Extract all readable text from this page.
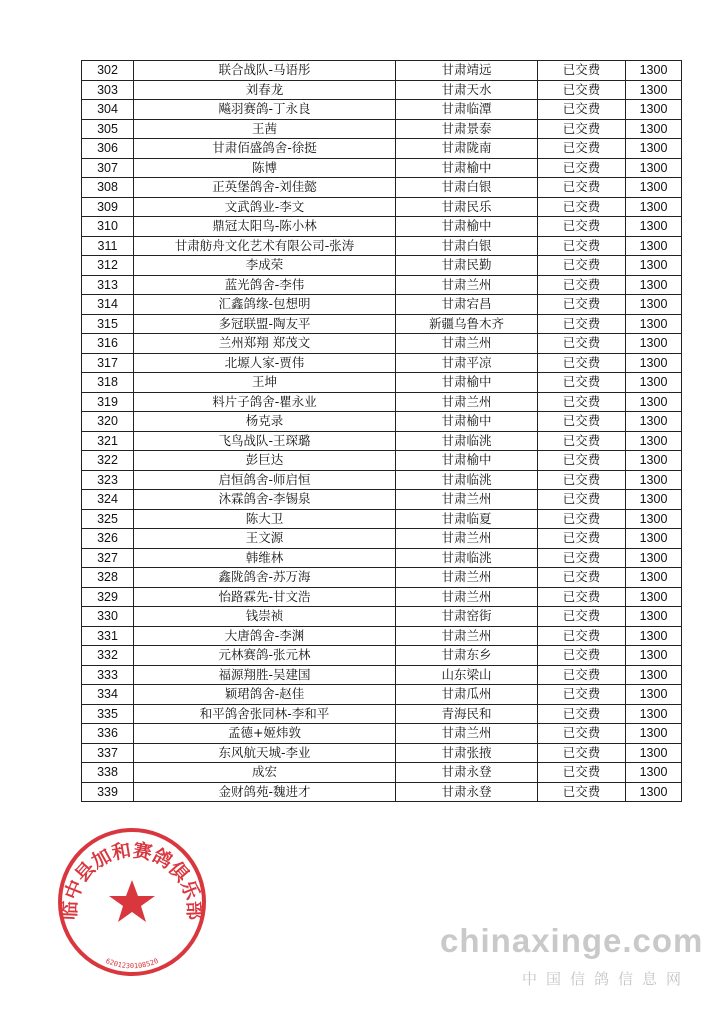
302	联合战队-马语彤	甘肃靖远	已交费	1300
303	刘春龙	甘肃天水	已交费	1300
304	飚羽赛鸽-丁永良	甘肃临潭	已交费	1300
305	王茜	甘肃景泰	已交费	1300
306	甘肃佰盛鸽舍-徐挺	甘肃陇南	已交费	1300
307	陈博	甘肃榆中	已交费	1300
308	正英堡鸽舍-刘佳懿	甘肃白银	已交费	1300
309	文武鸽业-李文	甘肃民乐	已交费	1300
310	鼎冠太阳鸟-陈小林	甘肃榆中	已交费	1300
311	甘肃舫舟文化艺术有限公司-张涛	甘肃白银	已交费	1300
312	李成荣	甘肃民勤	已交费	1300
313	蓝光鸽舍-李伟	甘肃兰州	已交费	1300
314	汇鑫鸽缘-包想明	甘肃宕昌	已交费	1300
315	多冠联盟-陶友平	新疆乌鲁木齐	已交费	1300
316	兰州郑翔 郑茂文	甘肃兰州	已交费	1300
317	北塬人家-贾伟	甘肃平凉	已交费	1300
318	王坤	甘肃榆中	已交费	1300
319	料片子鸽舍-瞿永业	甘肃兰州	已交费	1300
320	杨克录	甘肃榆中	已交费	1300
321	飞鸟战队-王琛璐	甘肃临洮	已交费	1300
322	彭巨达	甘肃榆中	已交费	1300
323	启恒鸽舍-师启恒	甘肃临洮	已交费	1300
324	沐霖鸽舍-李锡泉	甘肃兰州	已交费	1300
325	陈大卫	甘肃临夏	已交费	1300
326	王文源	甘肃兰州	已交费	1300
327	韩维林	甘肃临洮	已交费	1300
328	鑫陇鸽舍-苏万海	甘肃兰州	已交费	1300
329	怡路霖先-甘文浩	甘肃兰州	已交费	1300
330	钱崇祯	甘肃窑街	已交费	1300
331	大唐鸽舍-李渊	甘肃兰州	已交费	1300
332	元林赛鸽-张元林	甘肃东乡	已交费	1300
333	福源翔胜-吴建国	山东梁山	已交费	1300
334	颖珺鸽舍-赵佳	甘肃瓜州	已交费	1300
335	和平鸽舍张同林-李和平	青海民和	已交费	1300
336	孟德+姬炜敦	甘肃兰州	已交费	1300
337	东风航天城-李业	甘肃张掖	已交费	1300
338	成宏	甘肃永登	已交费	1300
339	金财鸽苑-魏进才	甘肃永登	已交费	1300
临中县加和赛鸽俱乐部
6201230108520
chinaxinge.com
中国信鸽信息网
